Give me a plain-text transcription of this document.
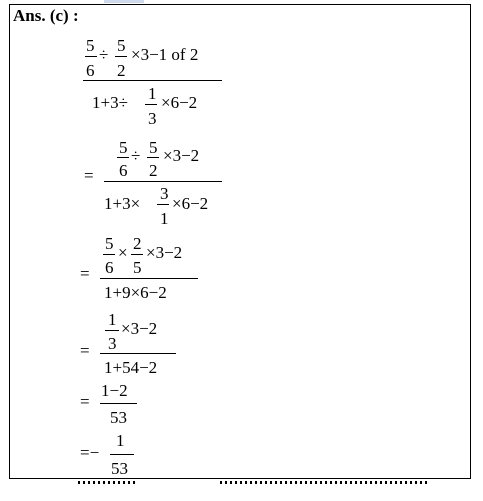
Ans. (c) :
5
6
÷ 5
2
×3−1 of 2
1+3÷ 1
3
×6−2
=
5
6
÷ 5
2
×3−2
1+3×
3
1
×6−2
=
5
6
× 2
5
×3−2
1+9×6−2
=
1
3
×3−2
1+54−2
=
1−2
53
=−
1
53
